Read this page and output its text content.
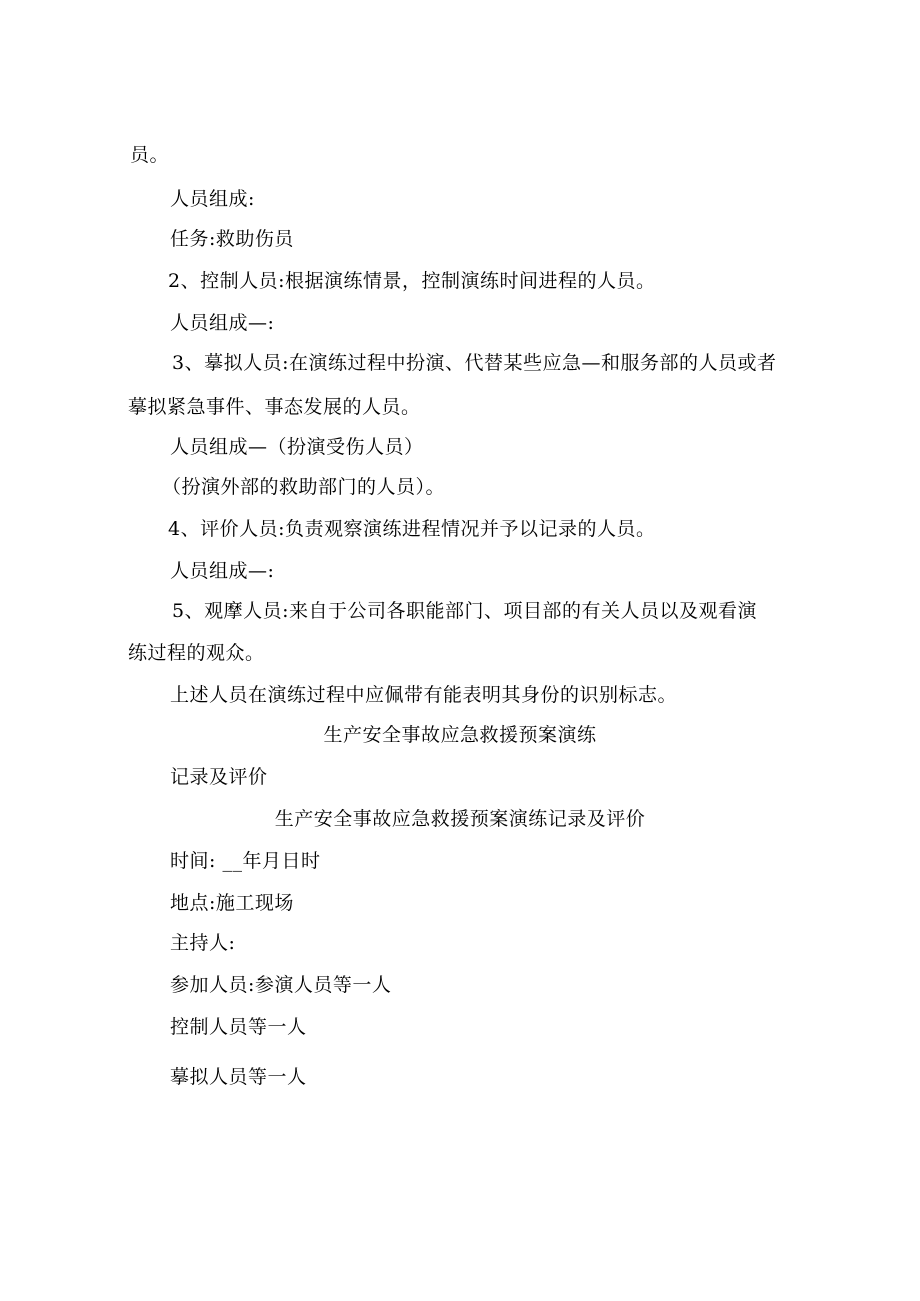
员。
人员组成:
任务:救助伤员
2、控制人员:根据演练情景，控制演练时间进程的人员。
人员组成—:
3、摹拟人员:在演练过程中扮演、代替某些应急—和服务部的人员或者
摹拟紧急事件、事态发展的人员。
人员组成—（扮演受伤人员）
（扮演外部的救助部门的人员）。
4、评价人员:负责观察演练进程情况并予以记录的人员。
人员组成—:
5、观摩人员:来自于公司各职能部门、项目部的有关人员以及观看演
练过程的观众。
上述人员在演练过程中应佩带有能表明其身份的识别标志。
生产安全事故应急救援预案演练
记录及评价
生产安全事故应急救援预案演练记录及评价
时间: __年月日时
地点:施工现场
主持人:
参加人员:参演人员等一人
控制人员等一人
摹拟人员等一人
